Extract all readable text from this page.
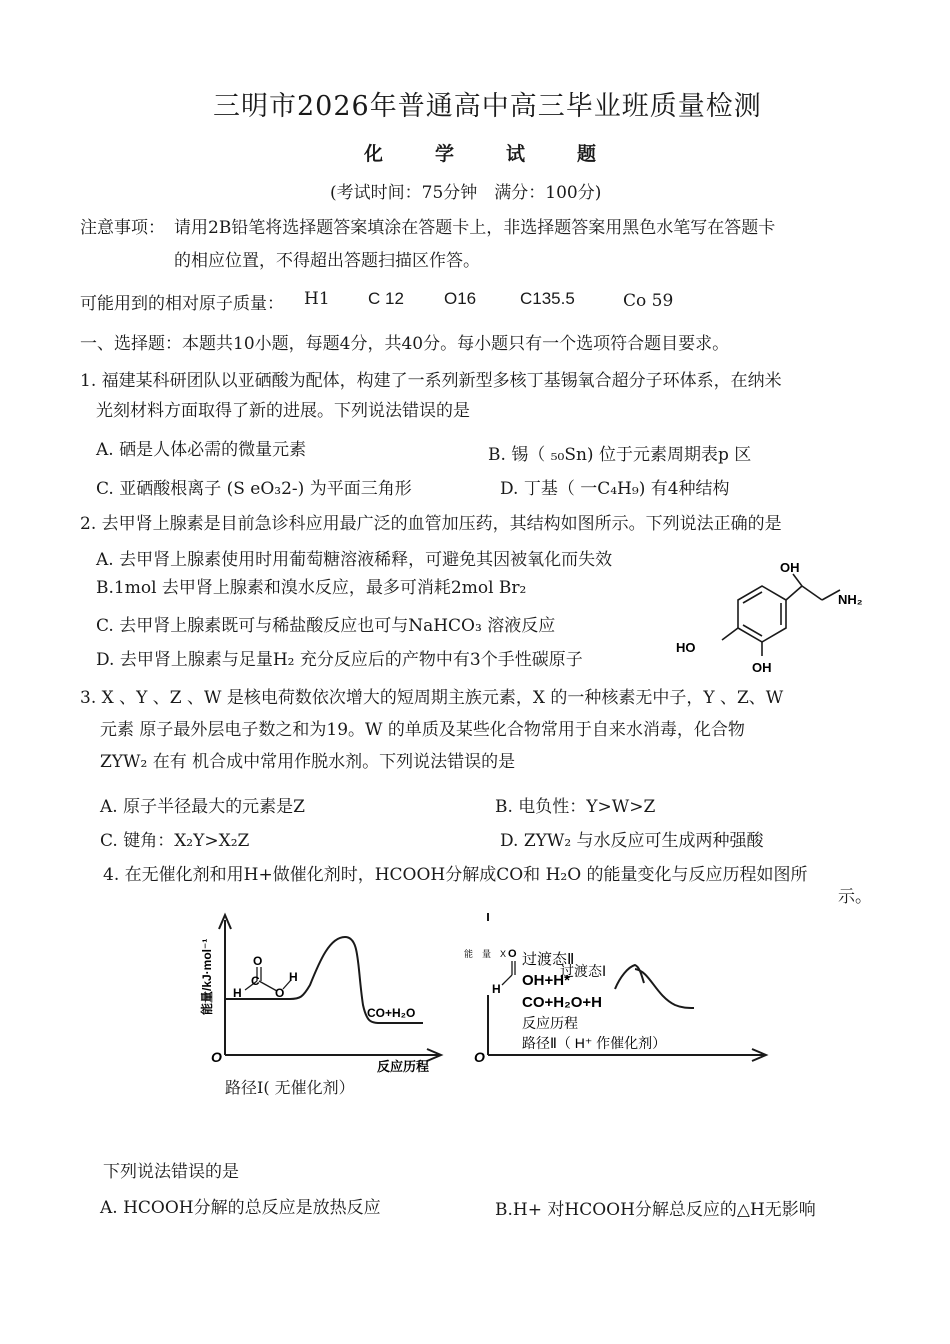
三明市2026年普通高中高三毕业班质量检测
化	学	试	题
(考试时间：75分钟　满分：100分)
注意事项： 请用2B铅笔将选择题答案填涂在答题卡上，非选择题答案用黑色水笔写在答题卡
的相应位置，不得超出答题扫描区作答。
可能用到的相对原子质量： H1 C 12 O16	C135.5	Co 59
一、选择题：本题共10小题，每题4分，共40分。每小题只有一个选项符合题目要求。
1. 福建某科研团队以亚硒酸为配体，构建了一系列新型多核丁基锡氧合超分子环体系，在纳米
光刻材料方面取得了新的进展。下列说法错误的是
A. 硒是人体必需的微量元素	B. 锡（ ₅₀Sn) 位于元素周期表p 区
C. 亚硒酸根离子 (S eO₃2-) 为平面三角形	D. 丁基（ 一C₄H₉) 有4种结构
2. 去甲肾上腺素是目前急诊科应用最广泛的血管加压药，其结构如图所示。下列说法正确的是
A. 去甲肾上腺素使用时用葡萄糖溶液稀释，可避免其因被氧化而失效
B.1mol 去甲肾上腺素和溴水反应，最多可消耗2mol Br₂
C. 去甲肾上腺素既可与稀盐酸反应也可与NaHCO₃ 溶液反应
D. 去甲肾上腺素与足量H₂ 充分反应后的产物中有3个手性碳原子
OH
NH₂
HO
OH
3. X 、Y 、Z 、W 是核电荷数依次增大的短周期主族元素，X 的一种核素无中子，Y 、Z、W
元素 原子最外层电子数之和为19。W 的单质及某些化合物常用于自来水消毒，化合物
ZYW₂ 在有 机合成中常用作脱水剂。下列说法错误的是
A. 原子半径最大的元素是Z	B. 电负性：Y>W>Z
C. 键角：X₂Y>X₂Z	D. ZYW₂ 与水反应可生成两种强酸
4. 在无催化剂和用H+做催化剂时，HCOOH分解成CO和 H₂O 的能量变化与反应历程如图所
示。
能量/kJ·mol⁻¹ H
C
O
O
H
CO+H₂O
O
反应历程
路径Ⅰ( 无催化剂）
能　量　X O
H
过渡态Ⅱ
过渡态Ⅰ
OH+H*
CO+H₂O+H
反应历程
路径Ⅱ（ H⁺ 作催化剂）
O
下列说法错误的是
A. HCOOH分解的总反应是放热反应	B.H+ 对HCOOH分解总反应的△H无影响
